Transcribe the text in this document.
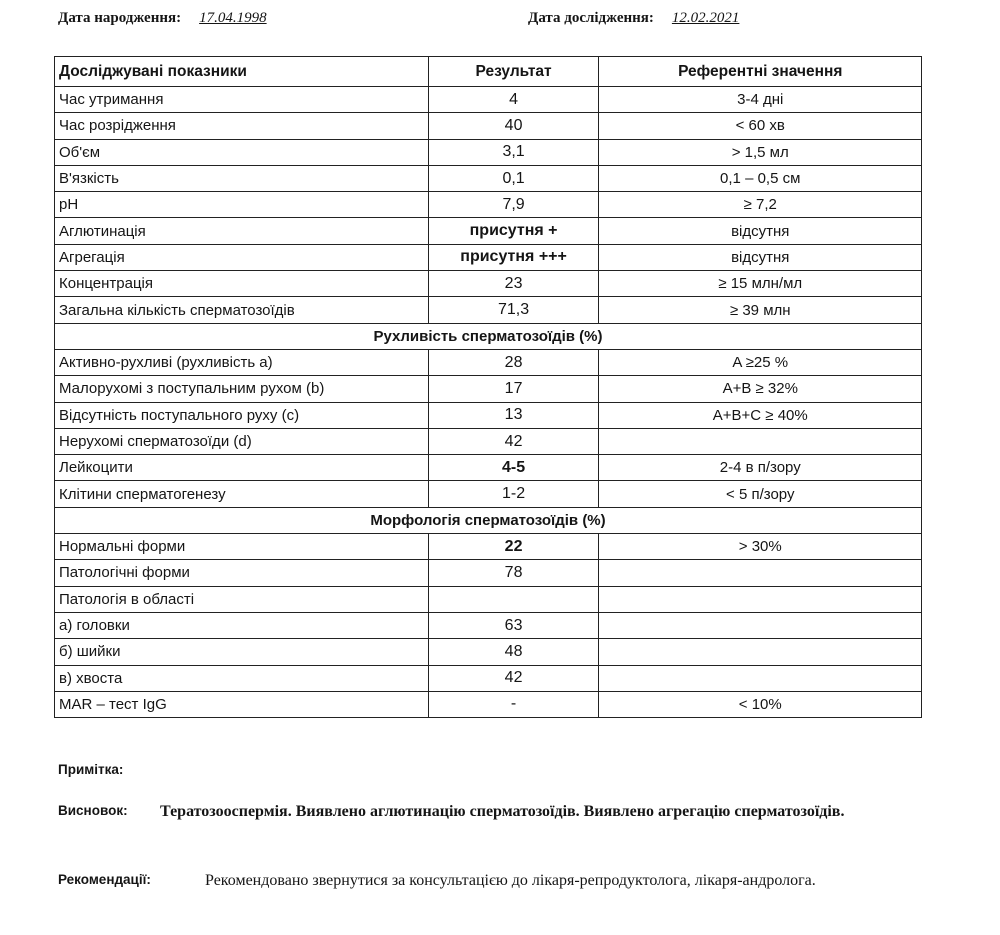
Дата народження: 17.04.1998	Дата дослідження: 12.02.2021
Досліджувані показники	Результат	Референтні значення
Час утримання	4	3-4 дні
Час розрідження	40	< 60 хв
Об'єм	3,1	> 1,5 мл
В'язкість	0,1	0,1 – 0,5 см
pH	7,9	≥ 7,2
Аглютинація	присутня +	відсутня
Агрегація	присутня +++	відсутня
Концентрація	23	≥ 15 млн/мл
Загальна кількість сперматозоїдів	71,3	≥ 39 млн
Рухливість сперматозоїдів (%)		
Активно-рухливі (рухливість a)	28	A ≥25 %
Малорухомі з поступальним рухом (b)	17	A+B ≥ 32%
Відсутність поступального руху (c)	13	A+B+C ≥ 40%
Нерухомі сперматозоїди (d)	42	
Лейкоцити	4-5	2-4 в п/зору
Клітини сперматогенезу	1-2	< 5 п/зору
Морфологія сперматозоїдів (%)		
Нормальні форми	22	> 30%
Патологічні форми	78	
Патологія в області		
а) головки	63	
б) шийки	48	
в) хвоста	42	
MAR – тест IgG	-	< 10%
Примітка:
Висновок: Тератозооспермія. Виявлено аглютинацію сперматозоїдів. Виявлено агрегацію сперматозоїдів.
Рекомендації:	Рекомендовано звернутися за консультацією до лікаря-репродуктолога, лікаря-андролога.
